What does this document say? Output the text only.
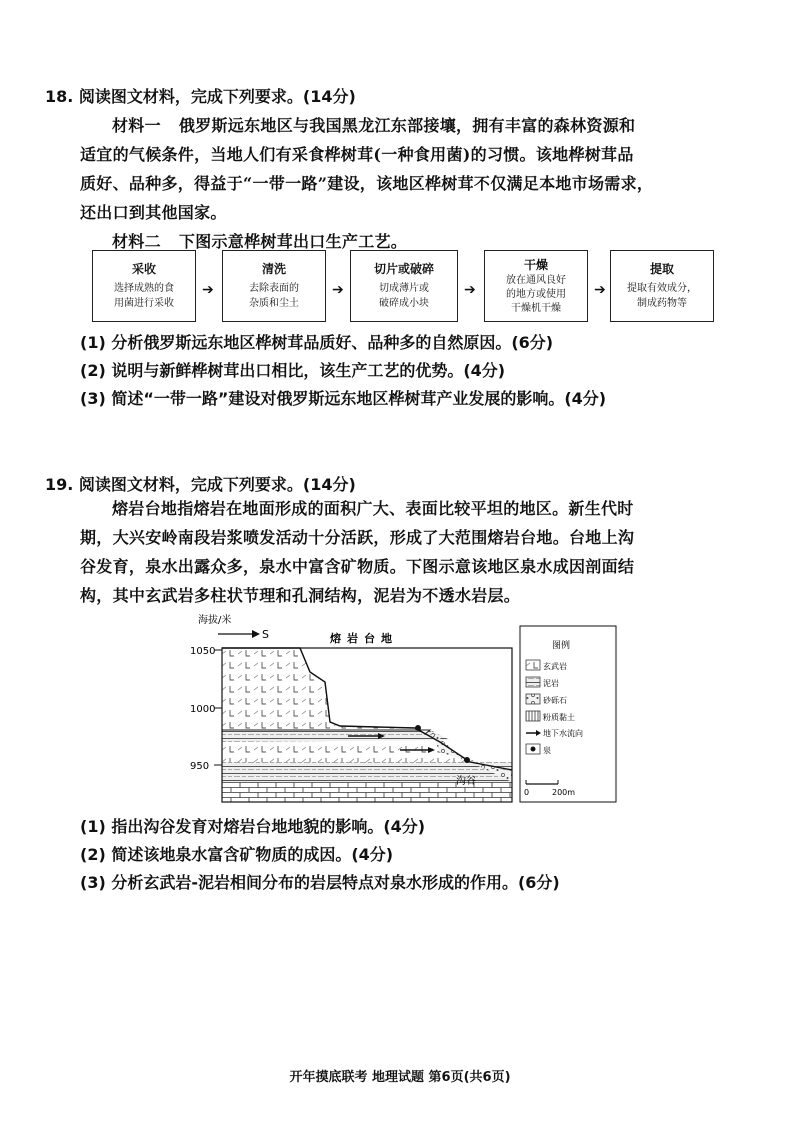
18. 阅读图文材料，完成下列要求。(14分)

材料一 俄罗斯远东地区与我国黑龙江东部接壤，拥有丰富的森林资源和

适宜的气候条件，当地人们有采食桦树茸(一种食用菌)的习惯。该地桦树茸品

质好、品种多，得益于“一带一路”建设，该地区桦树茸不仅满足本地市场需求，

还出口到其他国家。

材料二 下图示意桦树茸出口生产工艺。

采收
选择成熟的食
用菌进行采收
➔
清洗
去除表面的
杂质和尘土
➔
切片或破碎
切成薄片或
破碎成小块
➔
干燥
放在通风良好
的地方或使用
干燥机干燥
➔
提取
提取有效成分，
制成药物等
(1) 分析俄罗斯远东地区桦树茸品质好、品种多的自然原因。(6分)
(2) 说明与新鲜桦树茸出口相比，该生产工艺的优势。(4分)
(3) 简述“一带一路”建设对俄罗斯远东地区桦树茸产业发展的影响。(4分)
19. 阅读图文材料，完成下列要求。(14分)

熔岩台地指熔岩在地面形成的面积广大、表面比较平坦的地区。新生代时

期，大兴安岭南段岩浆喷发活动十分活跃，形成了大范围熔岩台地。台地上沟

谷发育，泉水出露众多，泉水中富含矿物质。下图示意该地区泉水成因剖面结

构，其中玄武岩多柱状节理和孔洞结构，泥岩为不透水岩层。

海拔/米
S	熔岩台地
1050
1000
950
沟谷
图例
玄武岩
泥岩
砂砾石
粉质黏土
地下水流向
泉
0	200m
(1) 指出沟谷发育对熔岩台地地貌的影响。(4分)
(2) 简述该地泉水富含矿物质的成因。(4分)
(3) 分析玄武岩-泥岩相间分布的岩层特点对泉水形成的作用。(6分)
开年摸底联考 地理试题 第6页(共6页)
